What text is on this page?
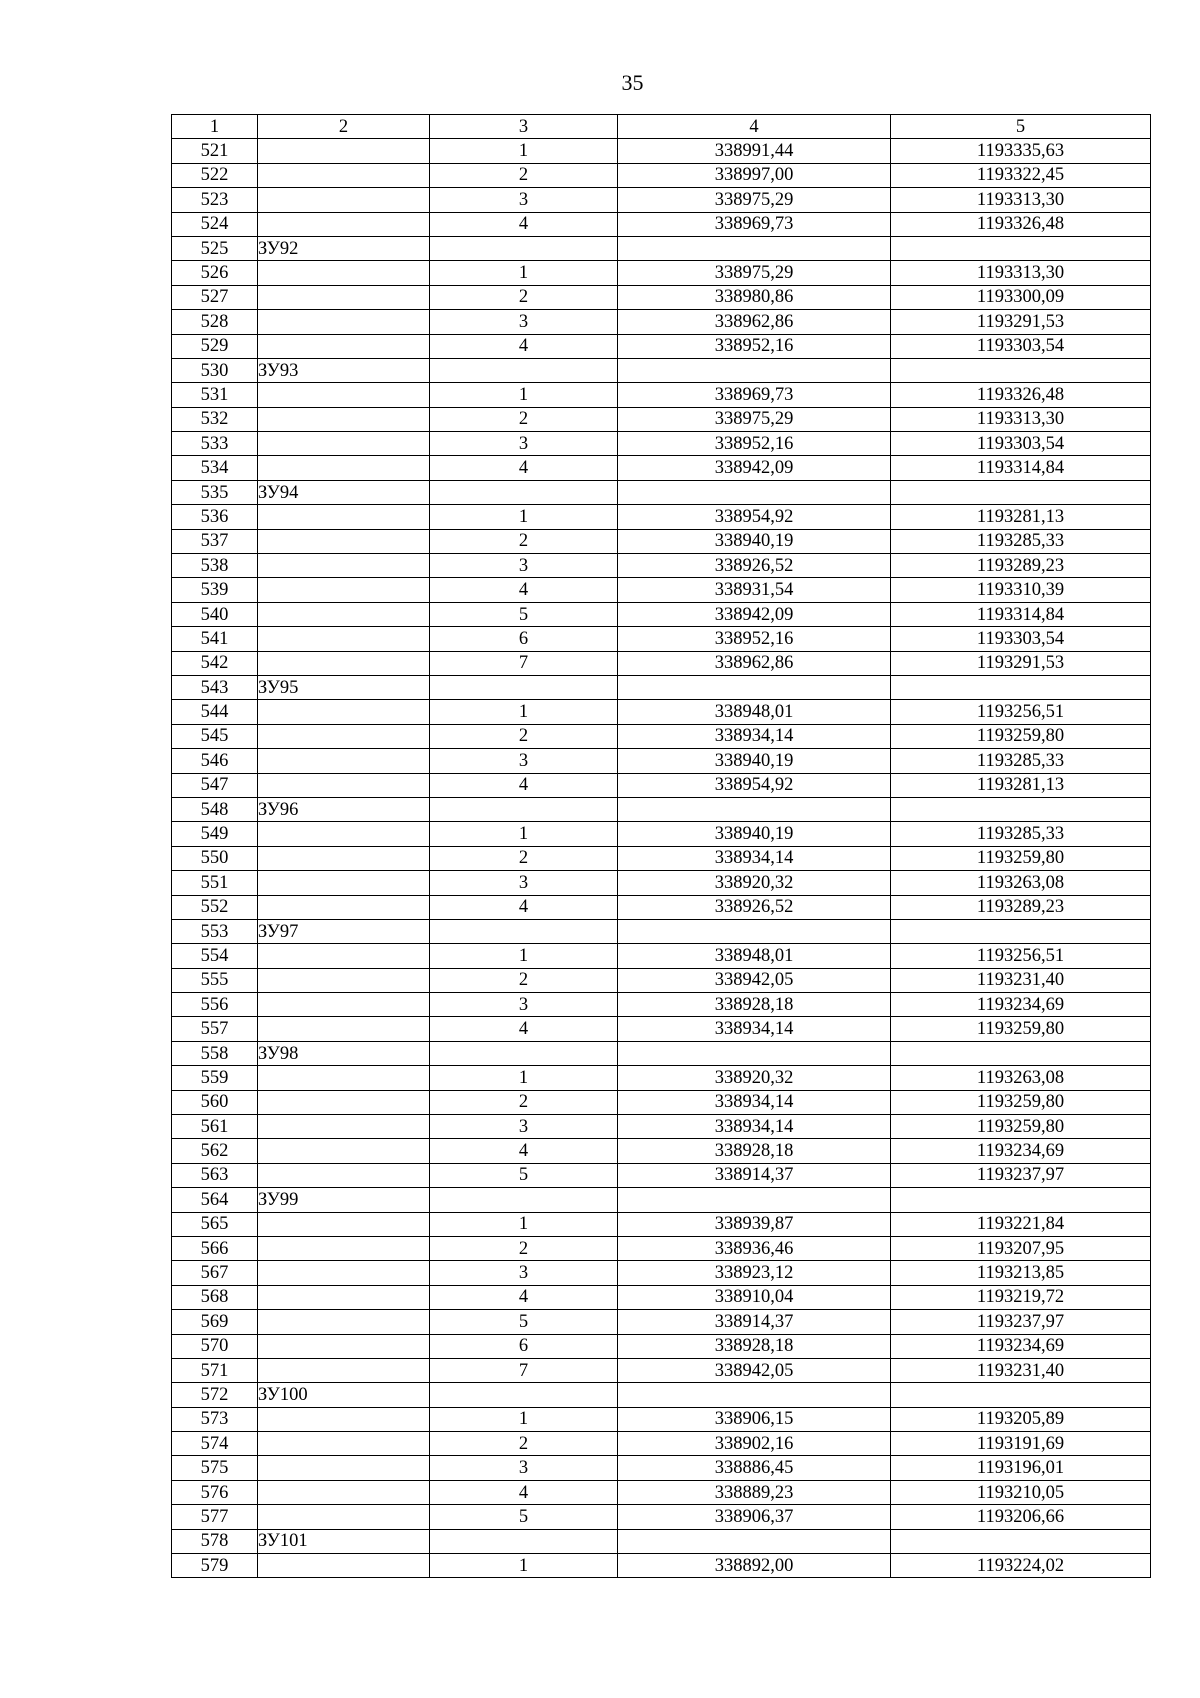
35
1	2	3	4	5
521		1	338991,44	1193335,63
522		2	338997,00	1193322,45
523		3	338975,29	1193313,30
524		4	338969,73	1193326,48
525	ЗУ92			
526		1	338975,29	1193313,30
527		2	338980,86	1193300,09
528		3	338962,86	1193291,53
529		4	338952,16	1193303,54
530	ЗУ93			
531		1	338969,73	1193326,48
532		2	338975,29	1193313,30
533		3	338952,16	1193303,54
534		4	338942,09	1193314,84
535	ЗУ94			
536		1	338954,92	1193281,13
537		2	338940,19	1193285,33
538		3	338926,52	1193289,23
539		4	338931,54	1193310,39
540		5	338942,09	1193314,84
541		6	338952,16	1193303,54
542		7	338962,86	1193291,53
543	ЗУ95			
544		1	338948,01	1193256,51
545		2	338934,14	1193259,80
546		3	338940,19	1193285,33
547		4	338954,92	1193281,13
548	ЗУ96			
549		1	338940,19	1193285,33
550		2	338934,14	1193259,80
551		3	338920,32	1193263,08
552		4	338926,52	1193289,23
553	ЗУ97			
554		1	338948,01	1193256,51
555		2	338942,05	1193231,40
556		3	338928,18	1193234,69
557		4	338934,14	1193259,80
558	ЗУ98			
559		1	338920,32	1193263,08
560		2	338934,14	1193259,80
561		3	338934,14	1193259,80
562		4	338928,18	1193234,69
563		5	338914,37	1193237,97
564	ЗУ99			
565		1	338939,87	1193221,84
566		2	338936,46	1193207,95
567		3	338923,12	1193213,85
568		4	338910,04	1193219,72
569		5	338914,37	1193237,97
570		6	338928,18	1193234,69
571		7	338942,05	1193231,40
572	ЗУ100			
573		1	338906,15	1193205,89
574		2	338902,16	1193191,69
575		3	338886,45	1193196,01
576		4	338889,23	1193210,05
577		5	338906,37	1193206,66
578	ЗУ101			
579		1	338892,00	1193224,02
